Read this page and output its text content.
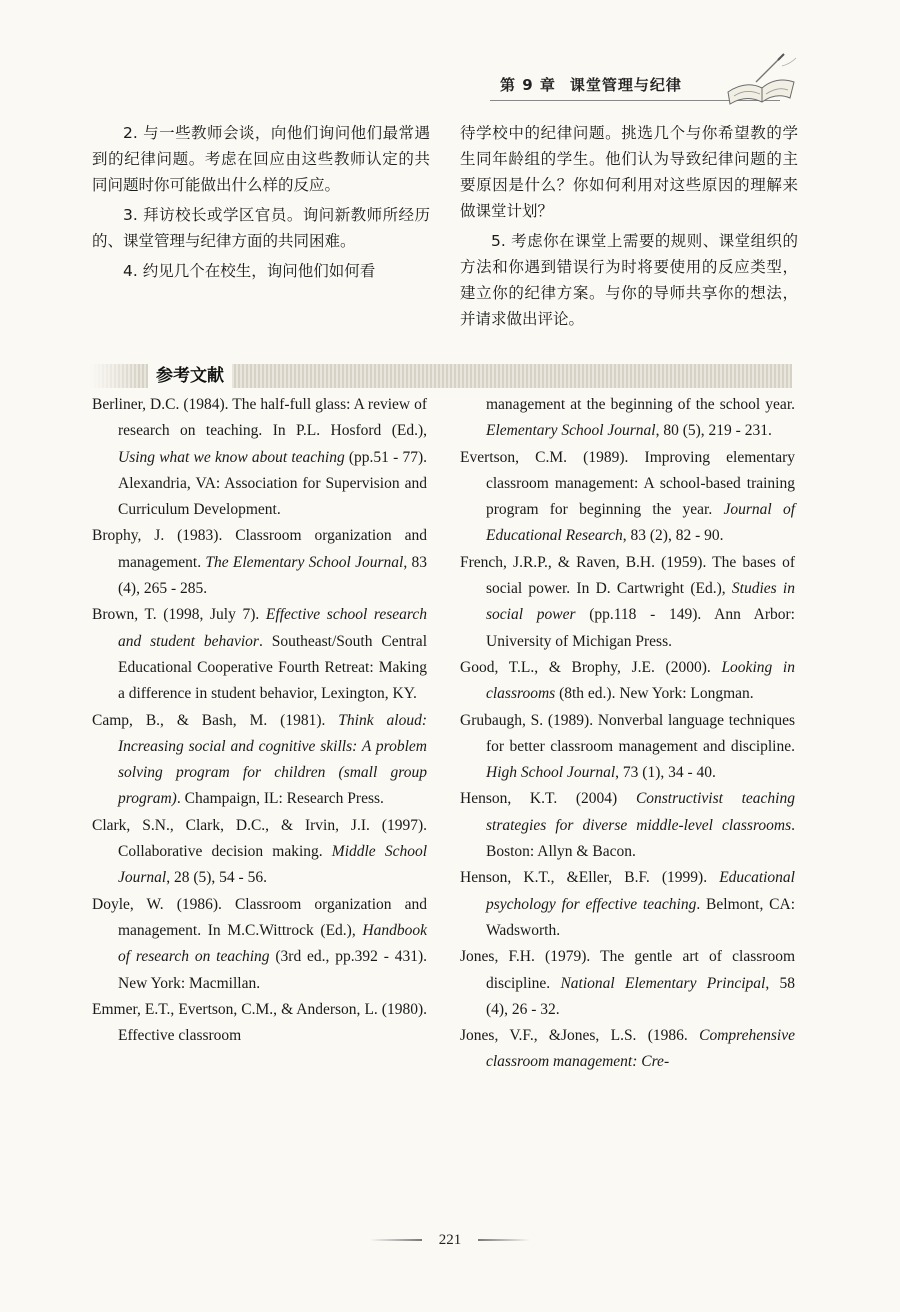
第 9 章 课堂管理与纪律

2. 与一些教师会谈，向他们询问他们最常遇到的纪律问题。考虑在回应由这些教师认定的共同问题时你可能做出什么样的反应。

3. 拜访校长或学区官员。询问新教师所经历的、课堂管理与纪律方面的共同困难。

4. 约见几个在校生，询问他们如何看

待学校中的纪律问题。挑选几个与你希望教的学生同年龄组的学生。他们认为导致纪律问题的主要原因是什么？你如何利用对这些原因的理解来做课堂计划？

5. 考虑你在课堂上需要的规则、课堂组织的方法和你遇到错误行为时将要使用的反应类型，建立你的纪律方案。与你的导师共享你的想法，并请求做出评论。

参考文献

Berliner, D.C. (1984). The half-full glass: A review of research on teaching. In P.L. Hosford (Ed.), Using what we know about teaching (pp.51 - 77). Alexandria, VA: Association for Supervision and Curriculum Development.

Brophy, J. (1983). Classroom organization and management. The Elementary School Journal, 83 (4), 265 - 285.

Brown, T. (1998, July 7). Effective school research and student behavior. Southeast/South Central Educational Cooperative Fourth Retreat: Making a difference in student behavior, Lexington, KY.

Camp, B., & Bash, M. (1981). Think aloud: Increasing social and cognitive skills: A problem solving program for children (small group program). Champaign, IL: Research Press.

Clark, S.N., Clark, D.C., & Irvin, J.I. (1997). Collaborative decision making. Middle School Journal, 28 (5), 54 - 56.

Doyle, W. (1986). Classroom organization and management. In M.C.Wittrock (Ed.), Handbook of research on teaching (3rd ed., pp.392 - 431). New York: Macmillan.

Emmer, E.T., Evertson, C.M., & Anderson, L. (1980). Effective classroom

management at the beginning of the school year. Elementary School Journal, 80 (5), 219 - 231.

Evertson, C.M. (1989). Improving elementary classroom management: A school-based training program for beginning the year. Journal of Educational Research, 83 (2), 82 - 90.

French, J.R.P., & Raven, B.H. (1959). The bases of social power. In D. Cartwright (Ed.), Studies in social power (pp.118 - 149). Ann Arbor: University of Michigan Press.

Good, T.L., & Brophy, J.E. (2000). Looking in classrooms (8th ed.). New York: Longman.

Grubaugh, S. (1989). Nonverbal language techniques for better classroom management and discipline. High School Journal, 73 (1), 34 - 40.

Henson, K.T. (2004) Constructivist teaching strategies for diverse middle-level classrooms. Boston: Allyn & Bacon.

Henson, K.T., &Eller, B.F. (1999). Educational psychology for effective teaching. Belmont, CA: Wadsworth.

Jones, F.H. (1979). The gentle art of classroom discipline. National Elementary Principal, 58 (4), 26 - 32.

Jones, V.F., &Jones, L.S. (1986. Comprehensive classroom management: Cre-

221
